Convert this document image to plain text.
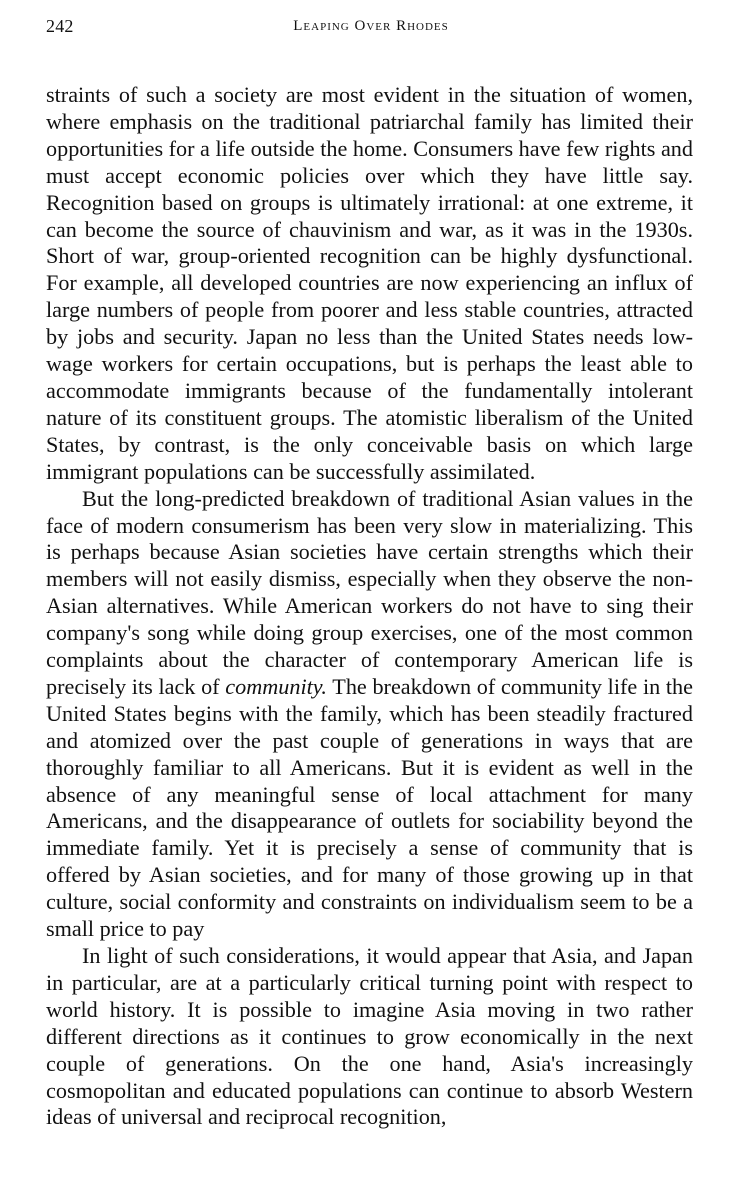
242	Leaping Over Rhodes

straints of such a society are most evident in the situation of women, where emphasis on the traditional patriarchal family has limited their opportunities for a life outside the home. Consumers have few rights and must accept economic policies over which they have little say. Recognition based on groups is ultimately irrational: at one extreme, it can become the source of chauvinism and war, as it was in the 1930s. Short of war, group-oriented recognition can be highly dysfunctional. For example, all developed countries are now experiencing an influx of large numbers of people from poorer and less stable countries, attracted by jobs and security. Japan no less than the United States needs low-wage workers for certain occupations, but is perhaps the least able to accommodate immigrants because of the fundamentally intolerant nature of its constituent groups. The atomistic liberalism of the United States, by contrast, is the only conceivable basis on which large immigrant populations can be successfully assimilated.

But the long-predicted breakdown of traditional Asian values in the face of modern consumerism has been very slow in materializing. This is perhaps because Asian societies have certain strengths which their members will not easily dismiss, especially when they observe the non-Asian alternatives. While American workers do not have to sing their company's song while doing group exercises, one of the most common complaints about the character of contemporary American life is precisely its lack of community. The breakdown of community life in the United States begins with the family, which has been steadily fractured and atomized over the past couple of generations in ways that are thoroughly familiar to all Americans. But it is evident as well in the absence of any meaningful sense of local attachment for many Americans, and the disappearance of outlets for sociability beyond the immediate family. Yet it is precisely a sense of community that is offered by Asian societies, and for many of those growing up in that culture, social conformity and constraints on individualism seem to be a small price to pay

In light of such considerations, it would appear that Asia, and Japan in particular, are at a particularly critical turning point with respect to world history. It is possible to imagine Asia moving in two rather different directions as it continues to grow economically in the next couple of generations. On the one hand, Asia's increasingly cosmopolitan and educated populations can continue to absorb Western ideas of universal and reciprocal recognition,
